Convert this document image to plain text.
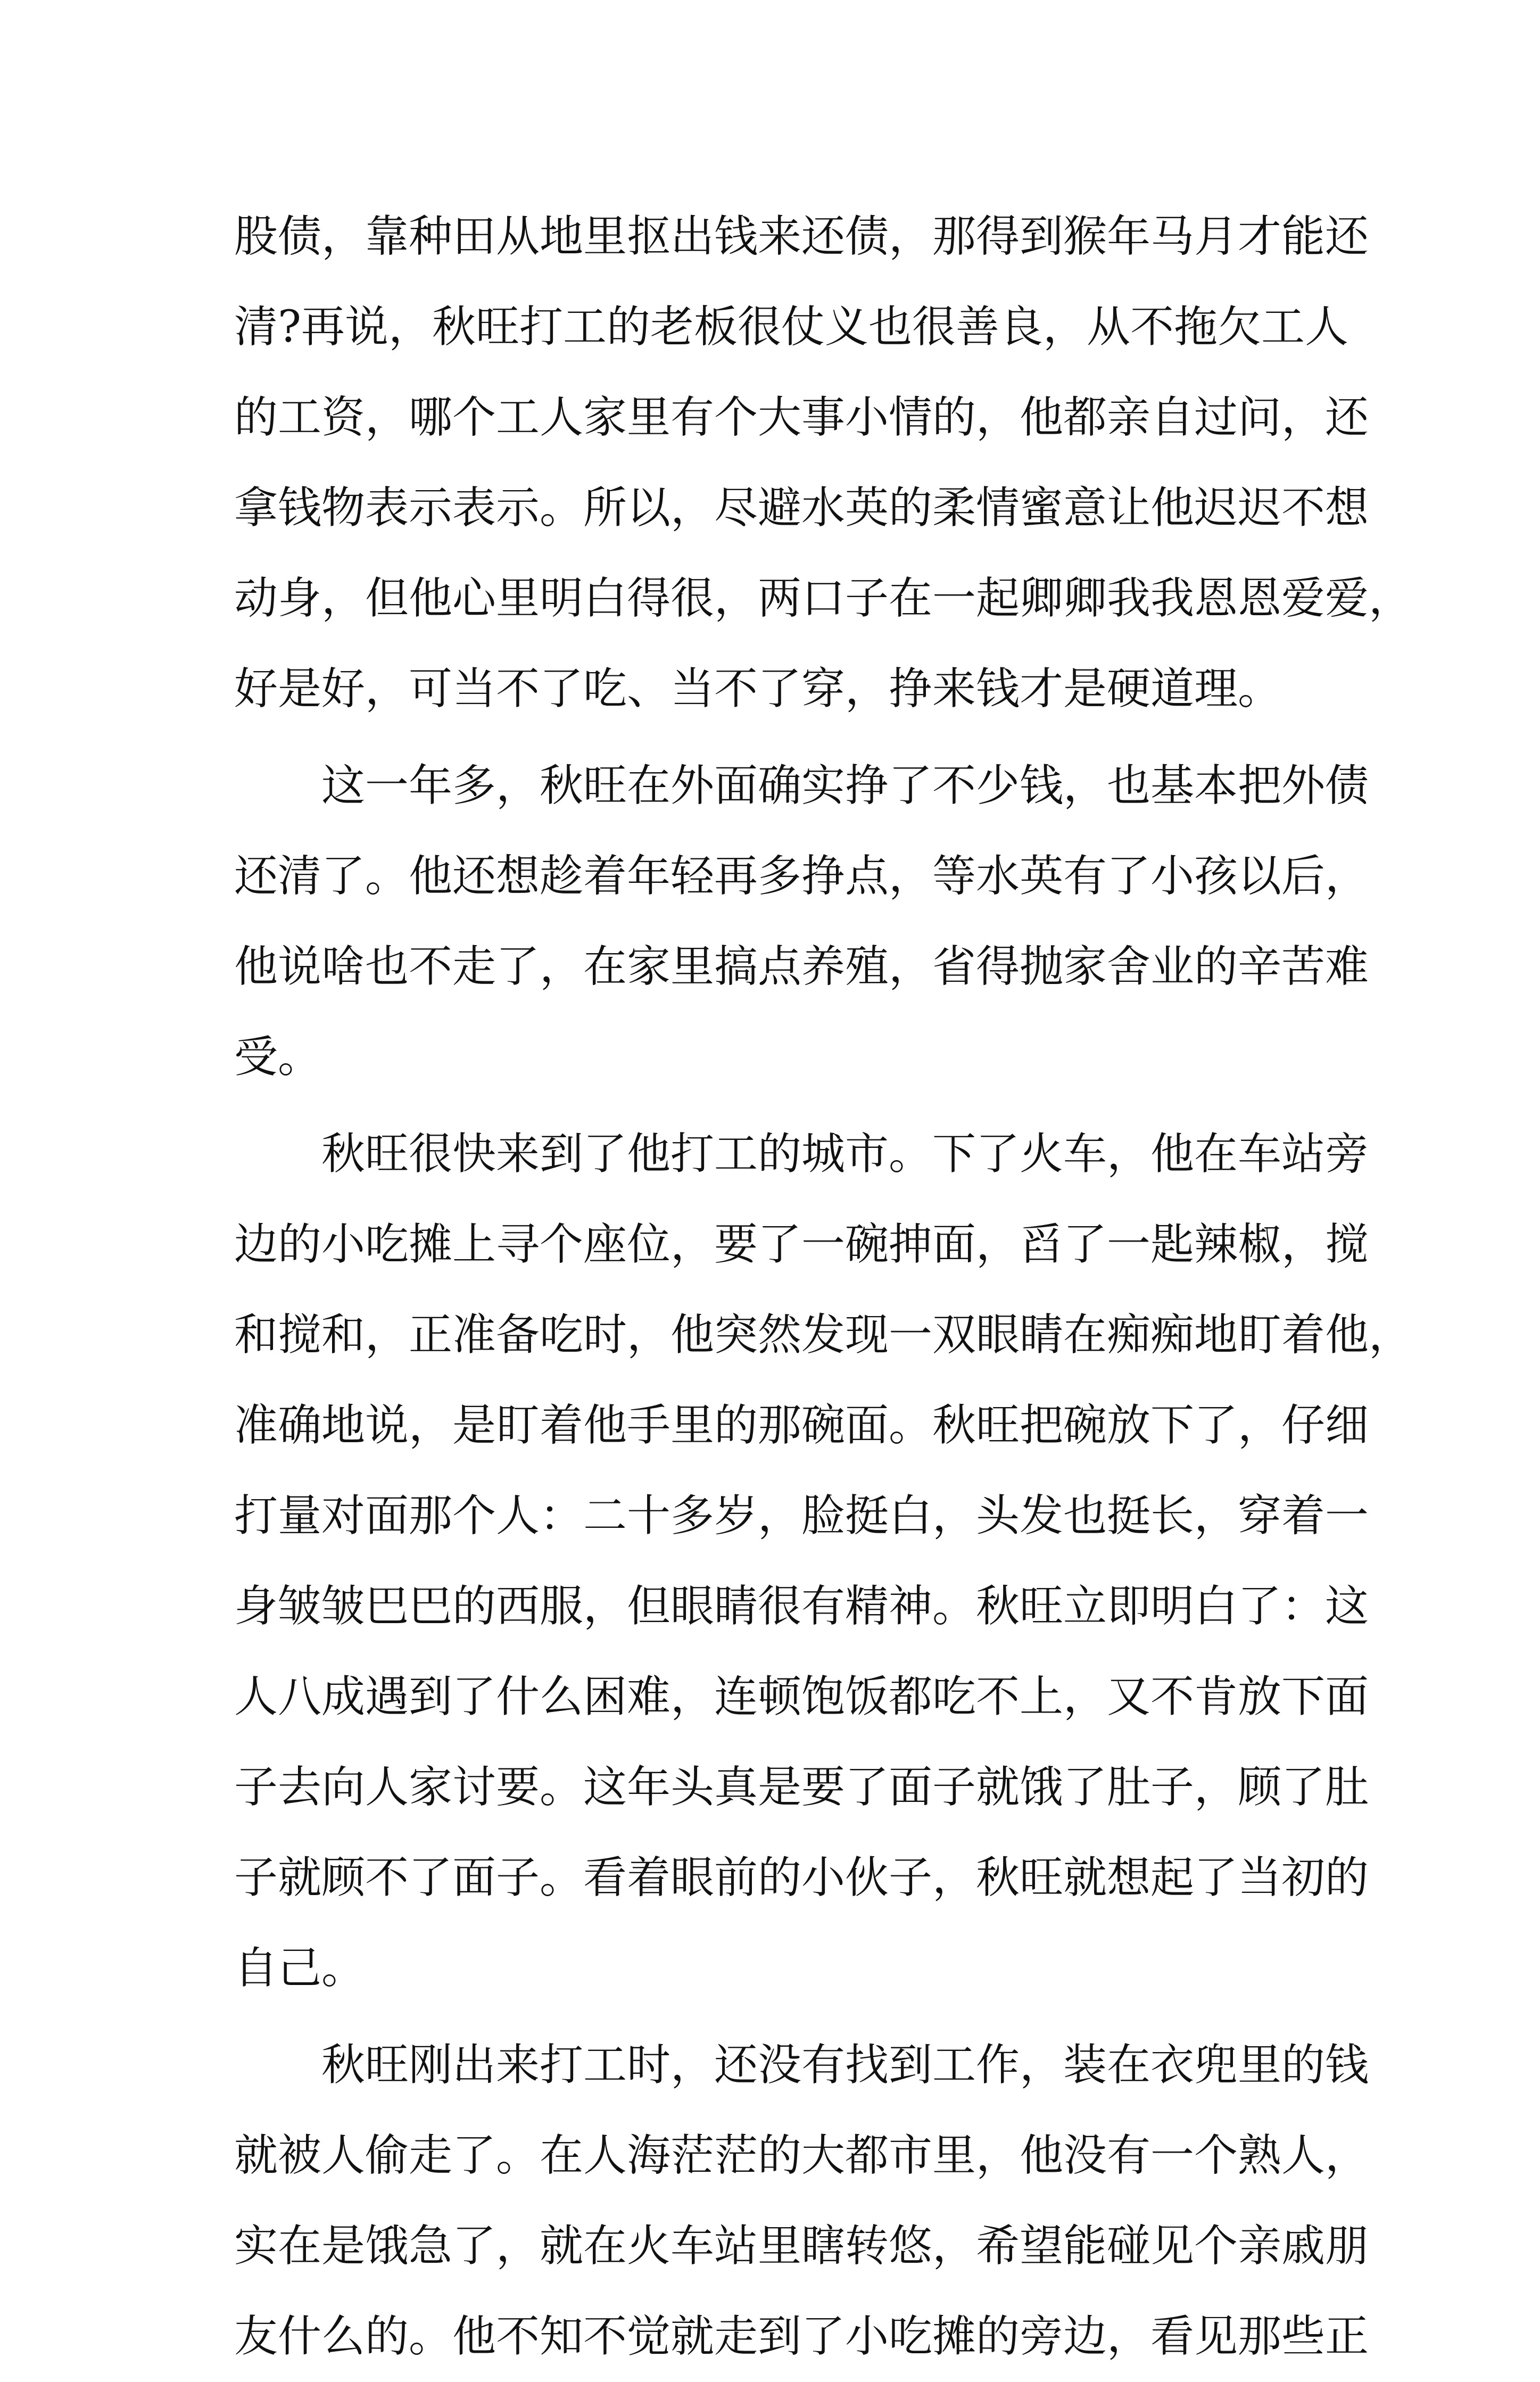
股债，靠种田从地里抠出钱来还债，那得到猴年马月才能还
清?再说，秋旺打工的老板很仗义也很善良，从不拖欠工人
的工资，哪个工人家里有个大事小情的，他都亲自过问，还
拿钱物表示表示。所以，尽避水英的柔情蜜意让他迟迟不想
动身，但他心里明白得很，两口子在一起卿卿我我恩恩爱爱，
好是好，可当不了吃、当不了穿，挣来钱才是硬道理。
这一年多，秋旺在外面确实挣了不少钱，也基本把外债
还清了。他还想趁着年轻再多挣点，等水英有了小孩以后，
他说啥也不走了，在家里搞点养殖，省得抛家舍业的辛苦难
受。
秋旺很快来到了他打工的城市。下了火车，他在车站旁
边的小吃摊上寻个座位，要了一碗抻面，舀了一匙辣椒，搅
和搅和，正准备吃时，他突然发现一双眼睛在痴痴地盯着他，
准确地说，是盯着他手里的那碗面。秋旺把碗放下了，仔细
打量对面那个人：二十多岁，脸挺白，头发也挺长，穿着一
身皱皱巴巴的西服，但眼睛很有精神。秋旺立即明白了：这
人八成遇到了什么困难，连顿饱饭都吃不上，又不肯放下面
子去向人家讨要。这年头真是要了面子就饿了肚子，顾了肚
子就顾不了面子。看着眼前的小伙子，秋旺就想起了当初的
自己。
秋旺刚出来打工时，还没有找到工作，装在衣兜里的钱
就被人偷走了。在人海茫茫的大都市里，他没有一个熟人，
实在是饿急了，就在火车站里瞎转悠，希望能碰见个亲戚朋
友什么的。他不知不觉就走到了小吃摊的旁边，看见那些正
